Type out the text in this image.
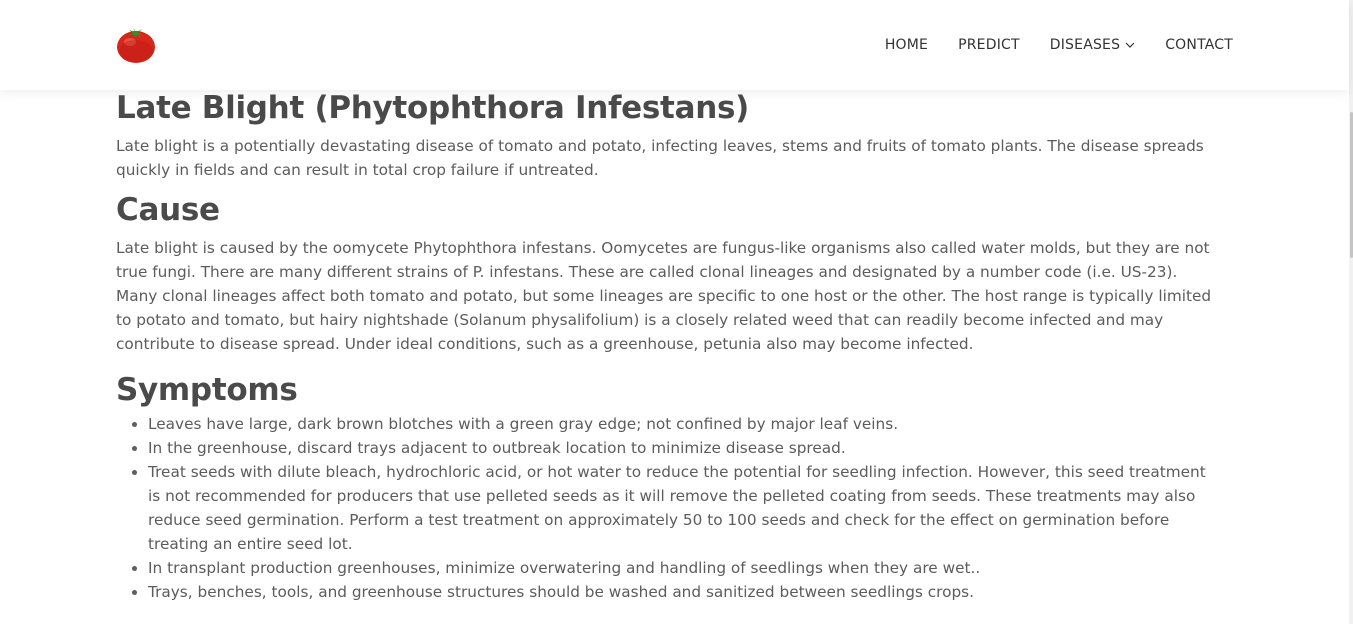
HOME PREDICT DISEASES	CONTACT
Late Blight (Phytophthora Infestans)

Late blight is a potentially devastating disease of tomato and potato, infecting leaves, stems and fruits of tomato plants. The disease spreads quickly in fields and can result in total crop failure if untreated.

Cause

Late blight is caused by the oomycete Phytophthora infestans. Oomycetes are fungus-like organisms also called water molds, but they are not true fungi. There are many different strains of P. infestans. These are called clonal lineages and designated by a number code (i.e. US-23). Many clonal lineages affect both tomato and potato, but some lineages are specific to one host or the other. The host range is typically limited to potato and tomato, but hairy nightshade (Solanum physalifolium) is a closely related weed that can readily become infected and may contribute to disease spread. Under ideal conditions, such as a greenhouse, petunia also may become infected.

Symptoms
• Leaves have large, dark brown blotches with a green gray edge; not confined by major leaf veins.
• In the greenhouse, discard trays adjacent to outbreak location to minimize disease spread.
• Treat seeds with dilute bleach, hydrochloric acid, or hot water to reduce the potential for seedling infection. However, this seed treatment is not recommended for producers that use pelleted seeds as it will remove the pelleted coating from seeds. These treatments may also reduce seed germination. Perform a test treatment on approximately 50 to 100 seeds and check for the effect on germination before treating an entire seed lot.
• In transplant production greenhouses, minimize overwatering and handling of seedlings when they are wet..
• Trays, benches, tools, and greenhouse structures should be washed and sanitized between seedlings crops.
